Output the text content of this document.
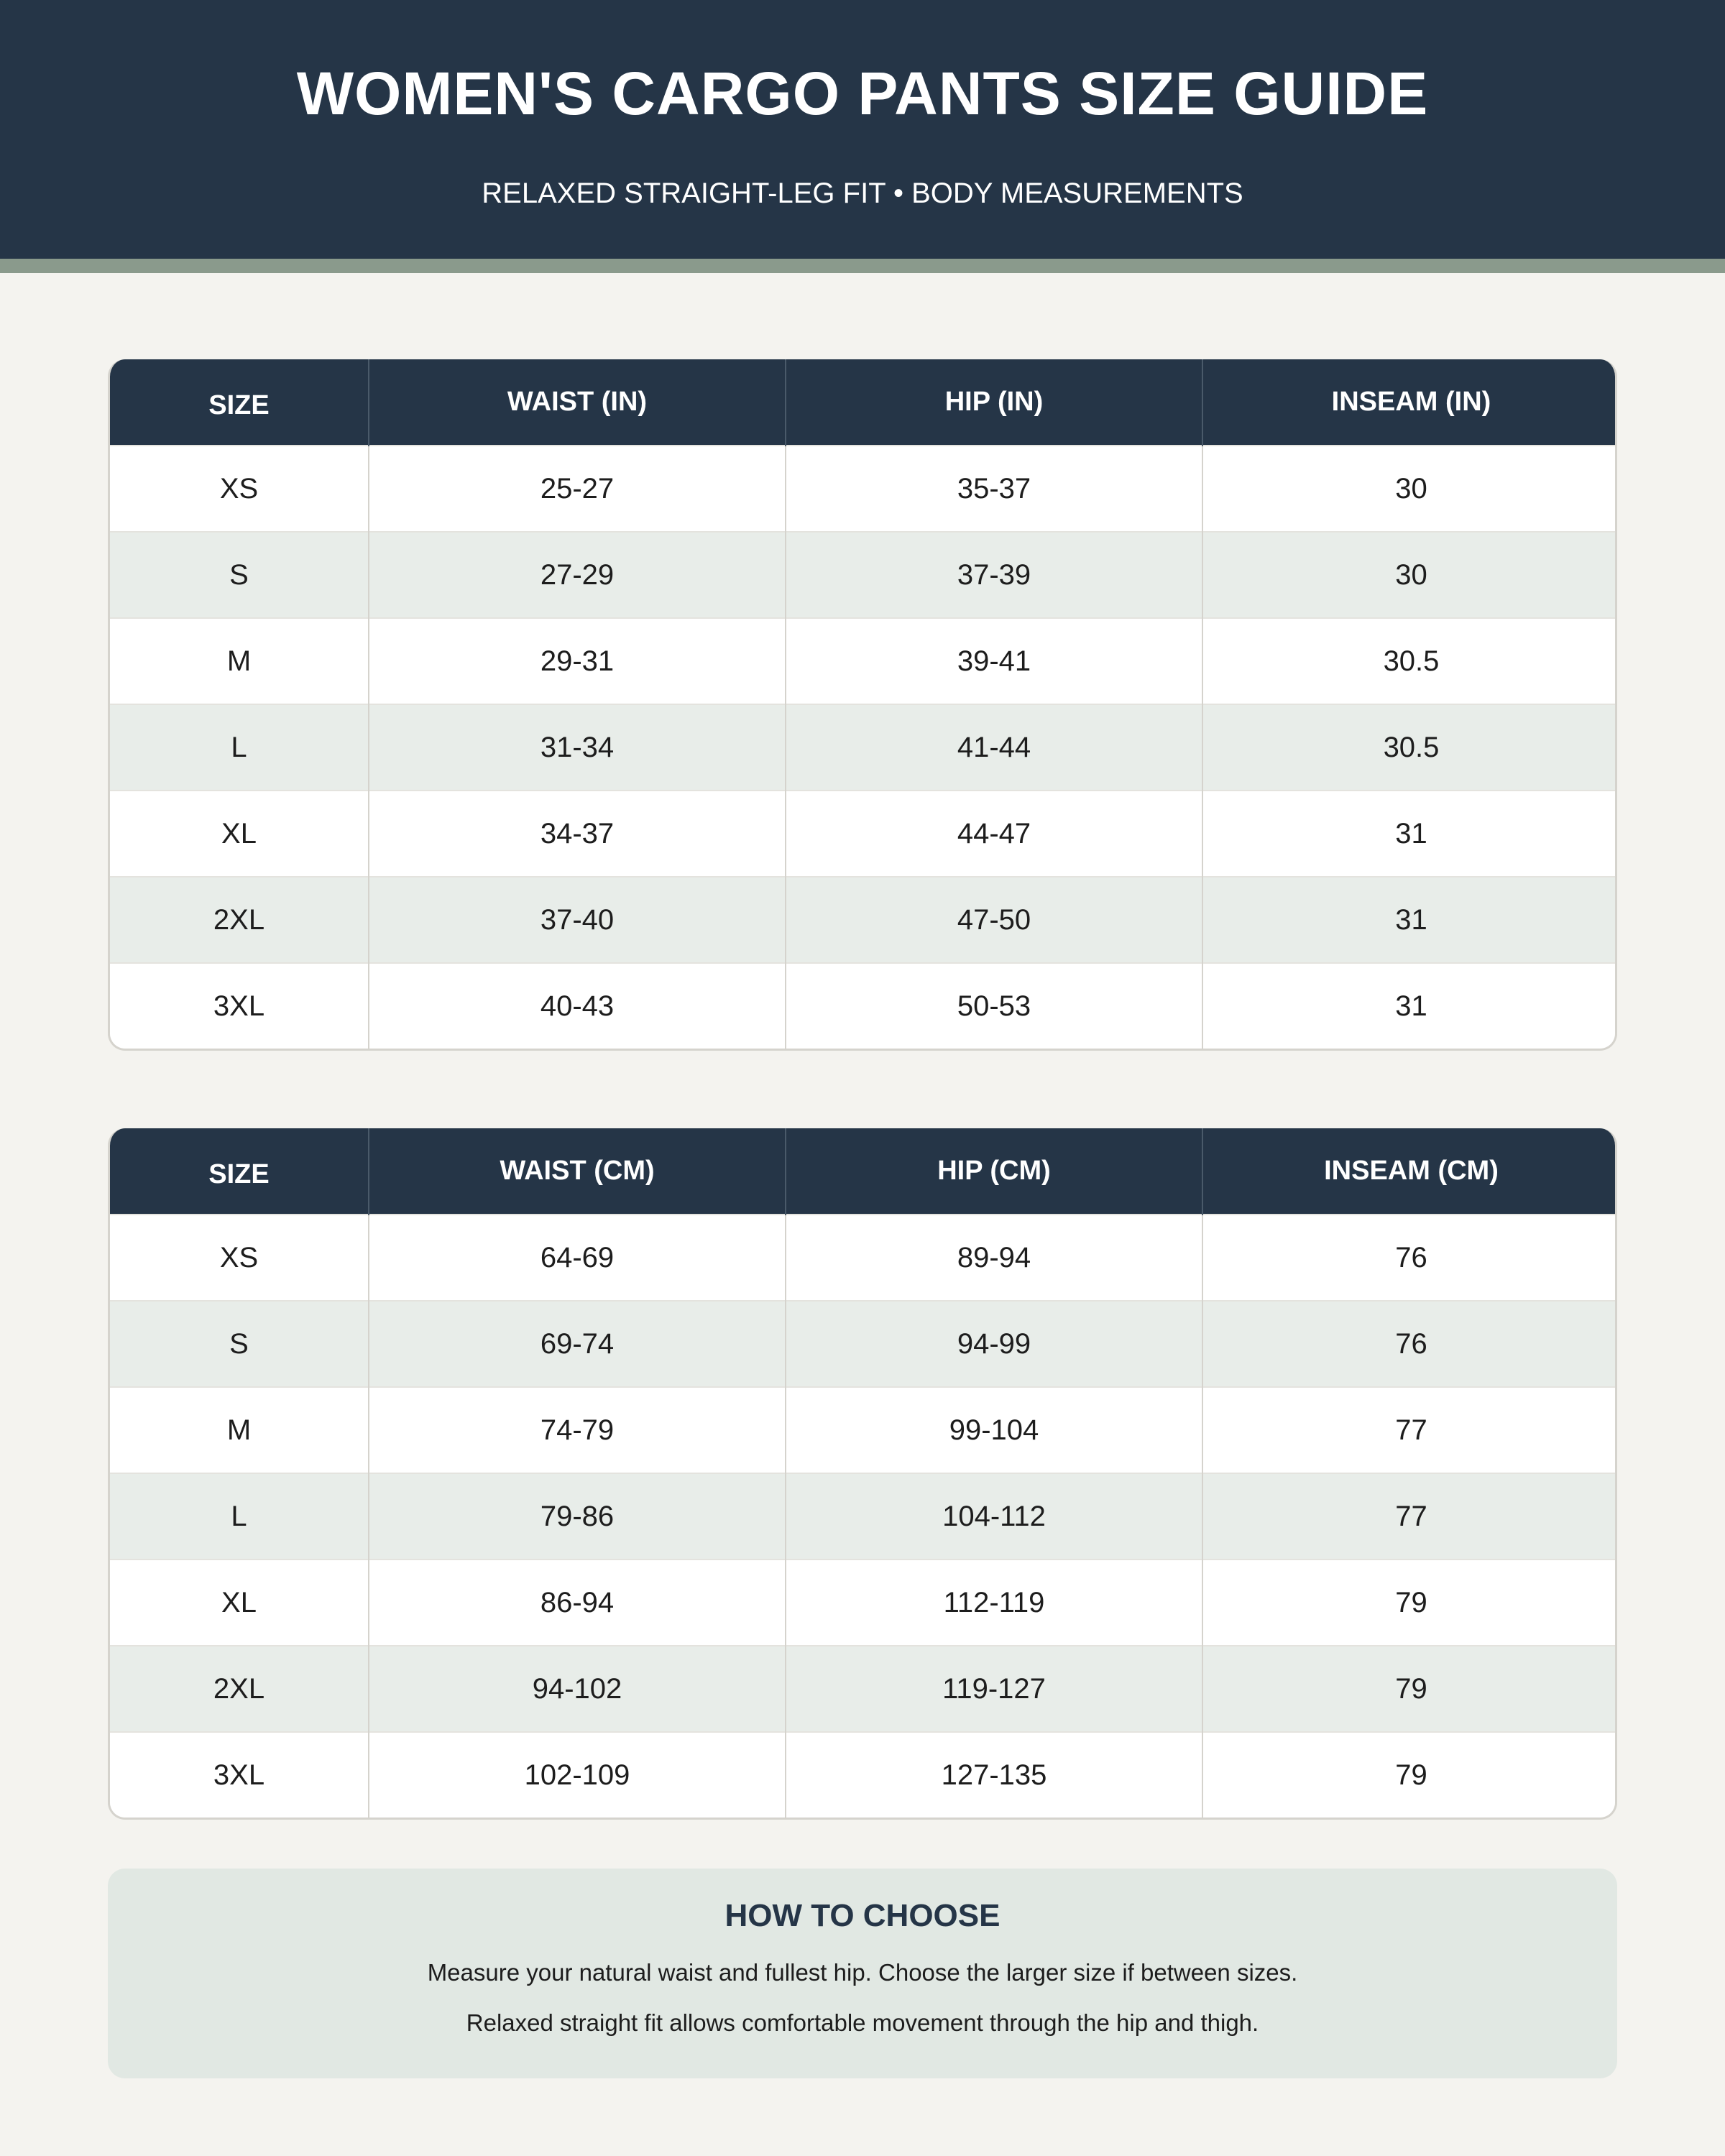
WOMEN'S CARGO PANTS SIZE GUIDE
RELAXED STRAIGHT-LEG FIT • BODY MEASUREMENTS
SIZE	WAIST (IN)	HIP (IN)	INSEAM (IN)
XS	25-27	35-37	30
S	27-29	37-39	30
M	29-31	39-41	30.5
L	31-34	41-44	30.5
XL	34-37	44-47	31
2XL	37-40	47-50	31
3XL	40-43	50-53	31
SIZE	WAIST (CM)	HIP (CM)	INSEAM (CM)
XS	64-69	89-94	76
S	69-74	94-99	76
M	74-79	99-104	77
L	79-86	104-112	77
XL	86-94	112-119	79
2XL	94-102	119-127	79
3XL	102-109	127-135	79
HOW TO CHOOSE
Measure your natural waist and fullest hip. Choose the larger size if between sizes.
Relaxed straight fit allows comfortable movement through the hip and thigh.
